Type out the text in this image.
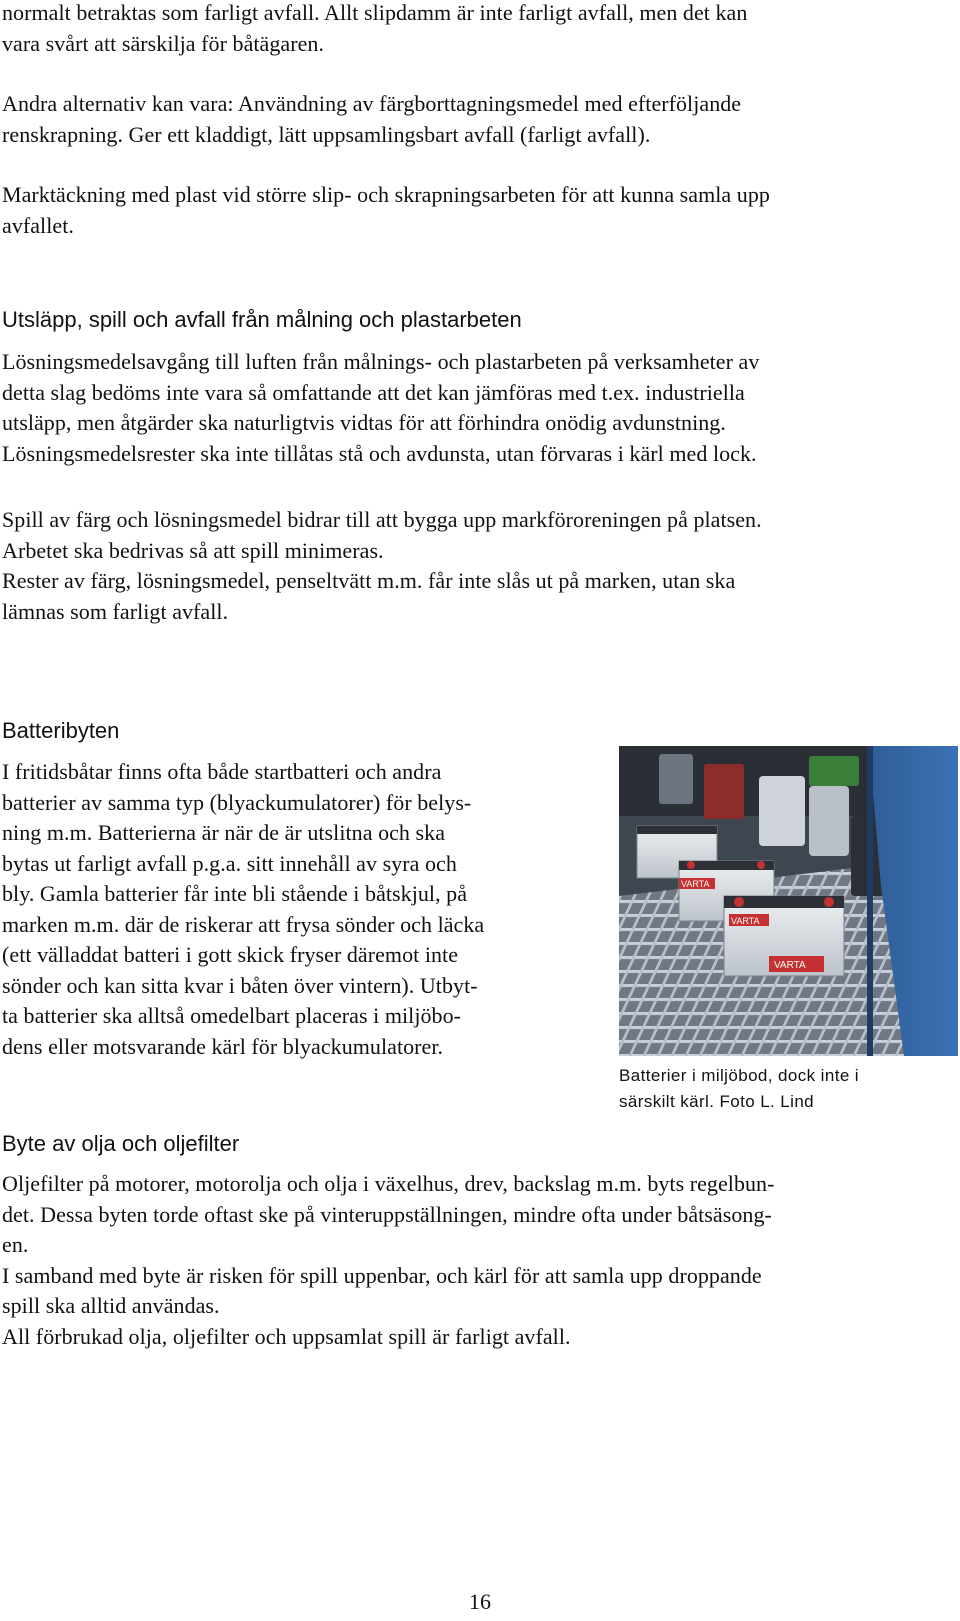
normalt betraktas som farligt avfall. Allt slipdamm är inte farligt avfall, men det kan
vara svårt att särskilja för båtägaren.

Andra alternativ kan vara: Användning av färgborttagningsmedel med efterföljande
renskrapning. Ger ett kladdigt, lätt uppsamlingsbart avfall (farligt avfall).

Marktäckning med plast vid större slip- och skrapningsarbeten för att kunna samla upp
avfallet.

Utsläpp, spill och avfall från målning och plastarbeten

Lösningsmedelsavgång till luften från målnings- och plastarbeten på verksamheter av
detta slag bedöms inte vara så omfattande att det kan jämföras med t.ex. industriella
utsläpp, men åtgärder ska naturligtvis vidtas för att förhindra onödig avdunstning.
Lösningsmedelsrester ska inte tillåtas stå och avdunsta, utan förvaras i kärl med lock.

Spill av färg och lösningsmedel bidrar till att bygga upp markföroreningen på platsen.
Arbetet ska bedrivas så att spill minimeras.
Rester av färg, lösningsmedel, penseltvätt m.m. får inte slås ut på marken, utan ska
lämnas som farligt avfall.

Batteribyten

I fritidsbåtar finns ofta både startbatteri och andra
batterier av samma typ (blyackumulatorer) för belys-
ning m.m. Batterierna är när de är utslitna och ska
bytas ut farligt avfall p.g.a. sitt innehåll av syra och
bly. Gamla batterier får inte bli stående i båtskjul, på
marken m.m. där de riskerar att frysa sönder och läcka
(ett välladdat batteri i gott skick fryser däremot inte
sönder och kan sitta kvar i båten över vintern). Utbyt-
ta batterier ska alltså omedelbart placeras i miljöbo-
dens eller motsvarande kärl för blyackumulatorer.

VARTA
VARTA
VARTA
Batterier i miljöbod, dock inte i
särskilt kärl. Foto L. Lind
Byte av olja och oljefilter

Oljefilter på motorer, motorolja och olja i växelhus, drev, backslag m.m. byts regelbun-
det. Dessa byten torde oftast ske på vinteruppställningen, mindre ofta under båtsäsong-
en.
I samband med byte är risken för spill uppenbar, och kärl för att samla upp droppande
spill ska alltid användas.
All förbrukad olja, oljefilter och uppsamlat spill är farligt avfall.

16
